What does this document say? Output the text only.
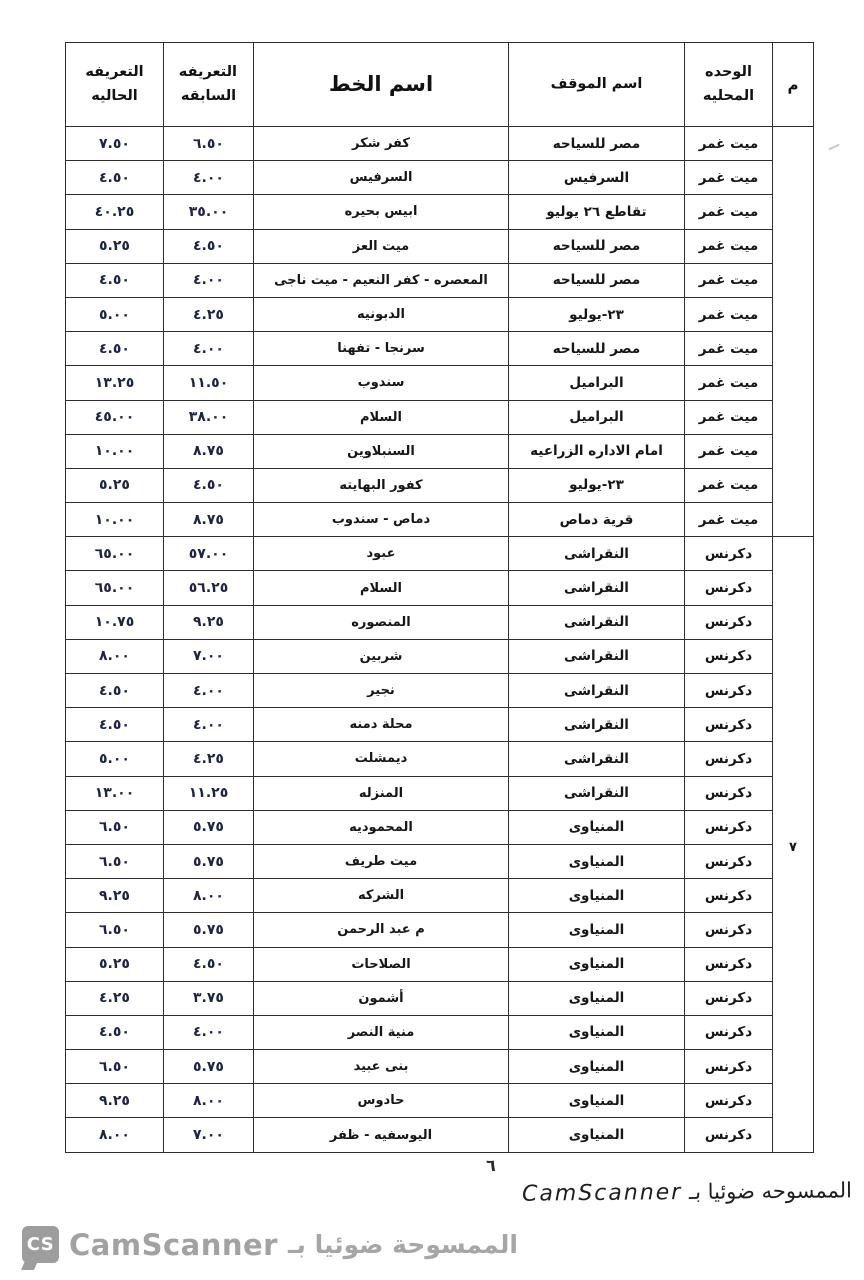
م	الوحده المحليه	اسم الموقف	اسم الخط	التعريفه السابقه	التعريفه الحاليه
	ميت غمر	مصر للسياحه	كفر شكر	٦.٥٠	٧.٥٠
	ميت غمر	السرفيس	السرفيس	٤.٠٠	٤.٥٠
	ميت غمر	تقاطع ٢٦ يوليو	ابيس بحيره	٣٥.٠٠	٤٠.٢٥
	ميت غمر	مصر للسياحه	ميت العز	٤.٥٠	٥.٢٥
	ميت غمر	مصر للسياحه	المعصره - كفر النعيم - ميت ناجى	٤.٠٠	٤.٥٠
	ميت غمر	٢٣-يوليو	الدبونيه	٤.٢٥	٥.٠٠
	ميت غمر	مصر للسياحه	سرنجا - تفهنا	٤.٠٠	٤.٥٠
	ميت غمر	البراميل	سندوب	١١.٥٠	١٣.٢٥
	ميت غمر	البراميل	السلام	٣٨.٠٠	٤٥.٠٠
	ميت غمر	امام الاداره الزراعيه	السنبلاوين	٨.٧٥	١٠.٠٠
	ميت غمر	٢٣-يوليو	كفور البهايته	٤.٥٠	٥.٢٥
	ميت غمر	قرية دماص	دماص - سندوب	٨.٧٥	١٠.٠٠
٧	دكرنس	النقراشى	عبود	٥٧.٠٠	٦٥.٠٠
	دكرنس	النقراشى	السلام	٥٦.٢٥	٦٥.٠٠
	دكرنس	النقراشى	المنصوره	٩.٢٥	١٠.٧٥
	دكرنس	النقراشى	شربين	٧.٠٠	٨.٠٠
	دكرنس	النقراشى	نجير	٤.٠٠	٤.٥٠
	دكرنس	النقراشى	محلة دمنه	٤.٠٠	٤.٥٠
	دكرنس	النقراشى	ديمشلت	٤.٢٥	٥.٠٠
	دكرنس	النقراشى	المنزله	١١.٢٥	١٣.٠٠
	دكرنس	المنياوى	المحموديه	٥.٧٥	٦.٥٠
	دكرنس	المنياوى	ميت طريف	٥.٧٥	٦.٥٠
	دكرنس	المنياوى	الشركه	٨.٠٠	٩.٢٥
	دكرنس	المنياوى	م عبد الرحمن	٥.٧٥	٦.٥٠
	دكرنس	المنياوى	الصلاحات	٤.٥٠	٥.٢٥
	دكرنس	المنياوى	أشمون	٣.٧٥	٤.٢٥
	دكرنس	المنياوى	منية النصر	٤.٠٠	٤.٥٠
	دكرنس	المنياوى	بنى عبيد	٥.٧٥	٦.٥٠
	دكرنس	المنياوى	حادوس	٨.٠٠	٩.٢٥
	دكرنس	المنياوى	اليوسفيه - ظفر	٧.٠٠	٨.٠٠
٦
الممسوحه ضوئيا بـ CamScanner
CS CamScanner الممسوحة ضوئيا بـ
